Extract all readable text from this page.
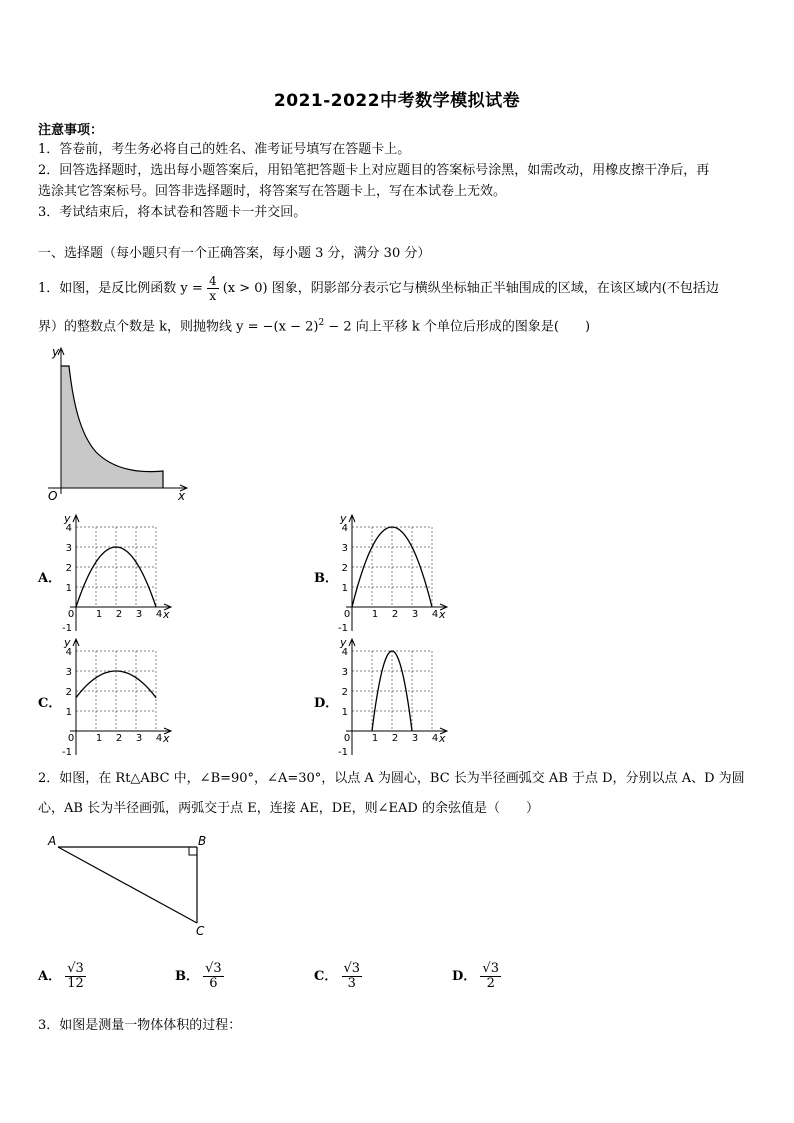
2021-2022中考数学模拟试卷
注意事项：
1．答卷前，考生务必将自己的姓名、准考证号填写在答题卡上。
2．回答选择题时，选出每小题答案后，用铅笔把答题卡上对应题目的答案标号涂黑，如需改动，用橡皮擦干净后，再
选涂其它答案标号。回答非选择题时，将答案写在答题卡上，写在本试卷上无效。
3．考试结束后，将本试卷和答题卡一并交回。
一、选择题（每小题只有一个正确答案，每小题 3 分，满分 30 分）
1．如图，是反比例函数 $y = \frac{4}{x} (x > 0)$ 图象，阴影部分表示它与横纵坐标轴正半轴围成的区域，在该区域内(不包括边
界）的整数点个数是 k，则抛物线 $y = -(x - 2)^2 - 2$ 向上平移 k 个单位后形成的图象是(　　)
y
x
O
A．	B．
C．	D．
y
x
4
3
2
1
-1
0 1 2 3 4
y
x
4
3
2
1
-1
0 1 2 3 4
y
x
4
3
2
1
-1
0 1 2 3 4
y
x
4
3
2
1
-1
0 1 2 3 4
2．如图，在 Rt△ABC 中，∠B=90°，∠A=30°，以点 A 为圆心，BC 长为半径画弧交 AB 于点 D，分别以点 A、D 为圆
心，AB 长为半径画弧，两弧交于点 E，连接 AE，DE，则∠EAD 的余弦值是（　　）
A	B
C
A． $\frac{√3}{12}$	B． $\frac{√3}{6}$	C． $\frac{√3}{3}$	D． $\frac{√3}{2}$
3．如图是测量一物体体积的过程：
